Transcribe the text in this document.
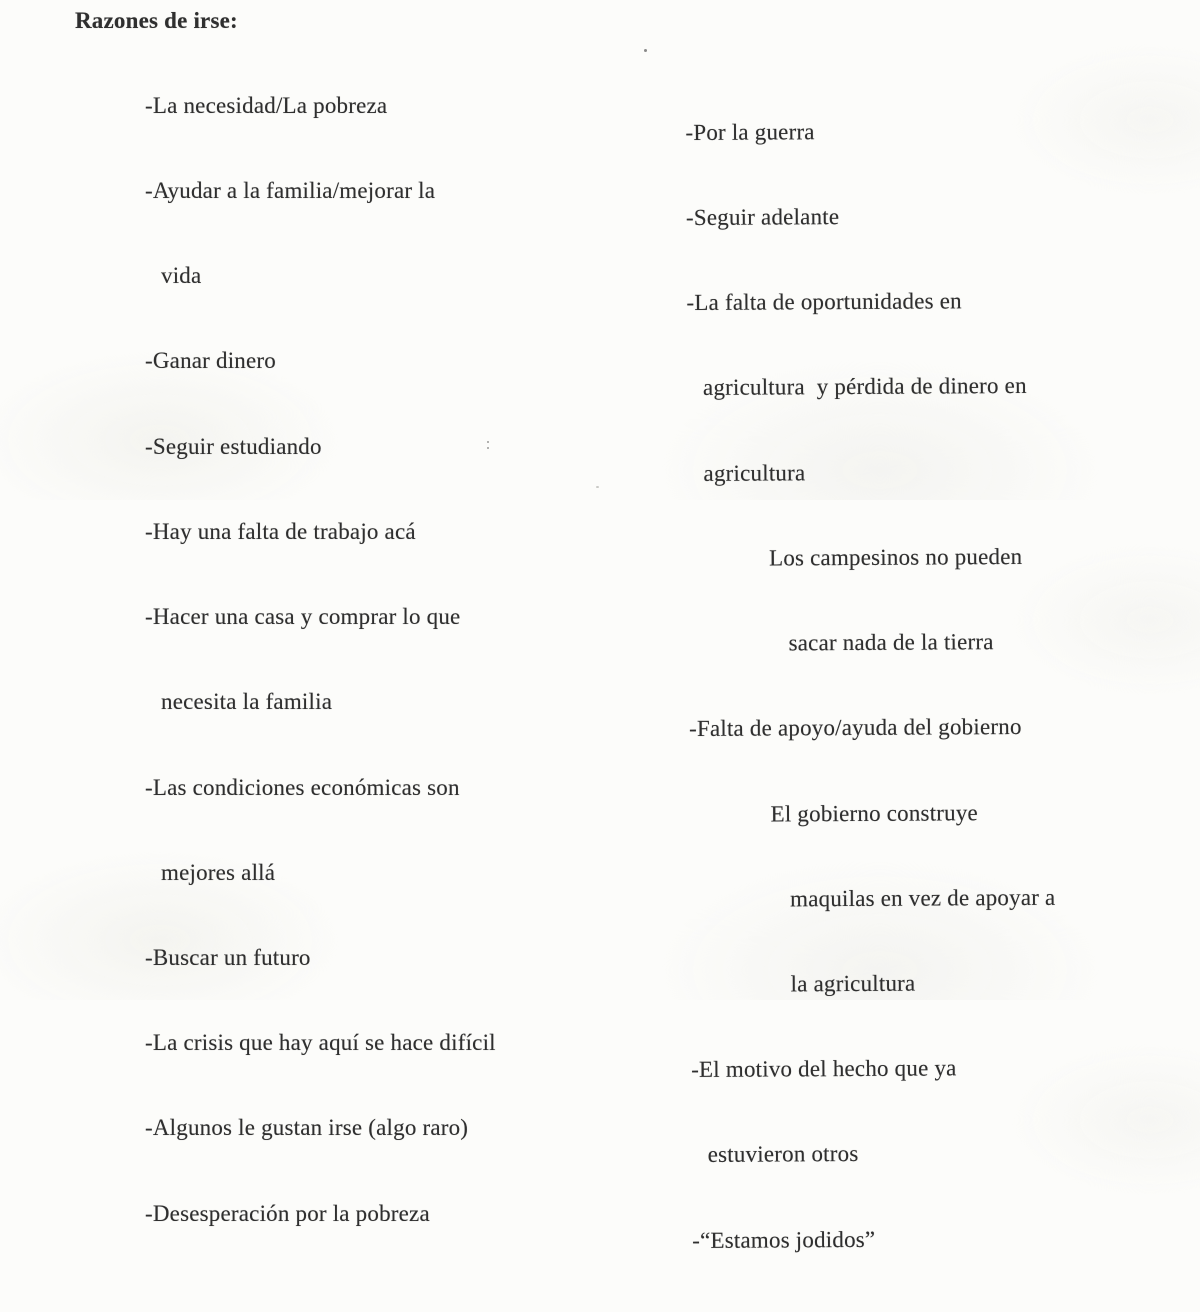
Razones de irse:

-La necesidad/La pobreza

-Ayudar a la familia/mejorar la

vida

-Ganar dinero

-Seguir estudiando

-Hay una falta de trabajo acá

-Hacer una casa y comprar lo que

necesita la familia

-Las condiciones económicas son

mejores allá

-Buscar un futuro

-La crisis que hay aquí se hace difícil

-Algunos le gustan irse (algo raro)

-Desesperación por la pobreza

-Por la guerra

-Seguir adelante

-La falta de oportunidades en

agricultura  y pérdida de dinero en

agricultura

Los campesinos no pueden

sacar nada de la tierra

-Falta de apoyo/ayuda del gobierno

El gobierno construye

maquilas en vez de apoyar a

la agricultura

-El motivo del hecho que ya

estuvieron otros

-“Estamos jodidos”
